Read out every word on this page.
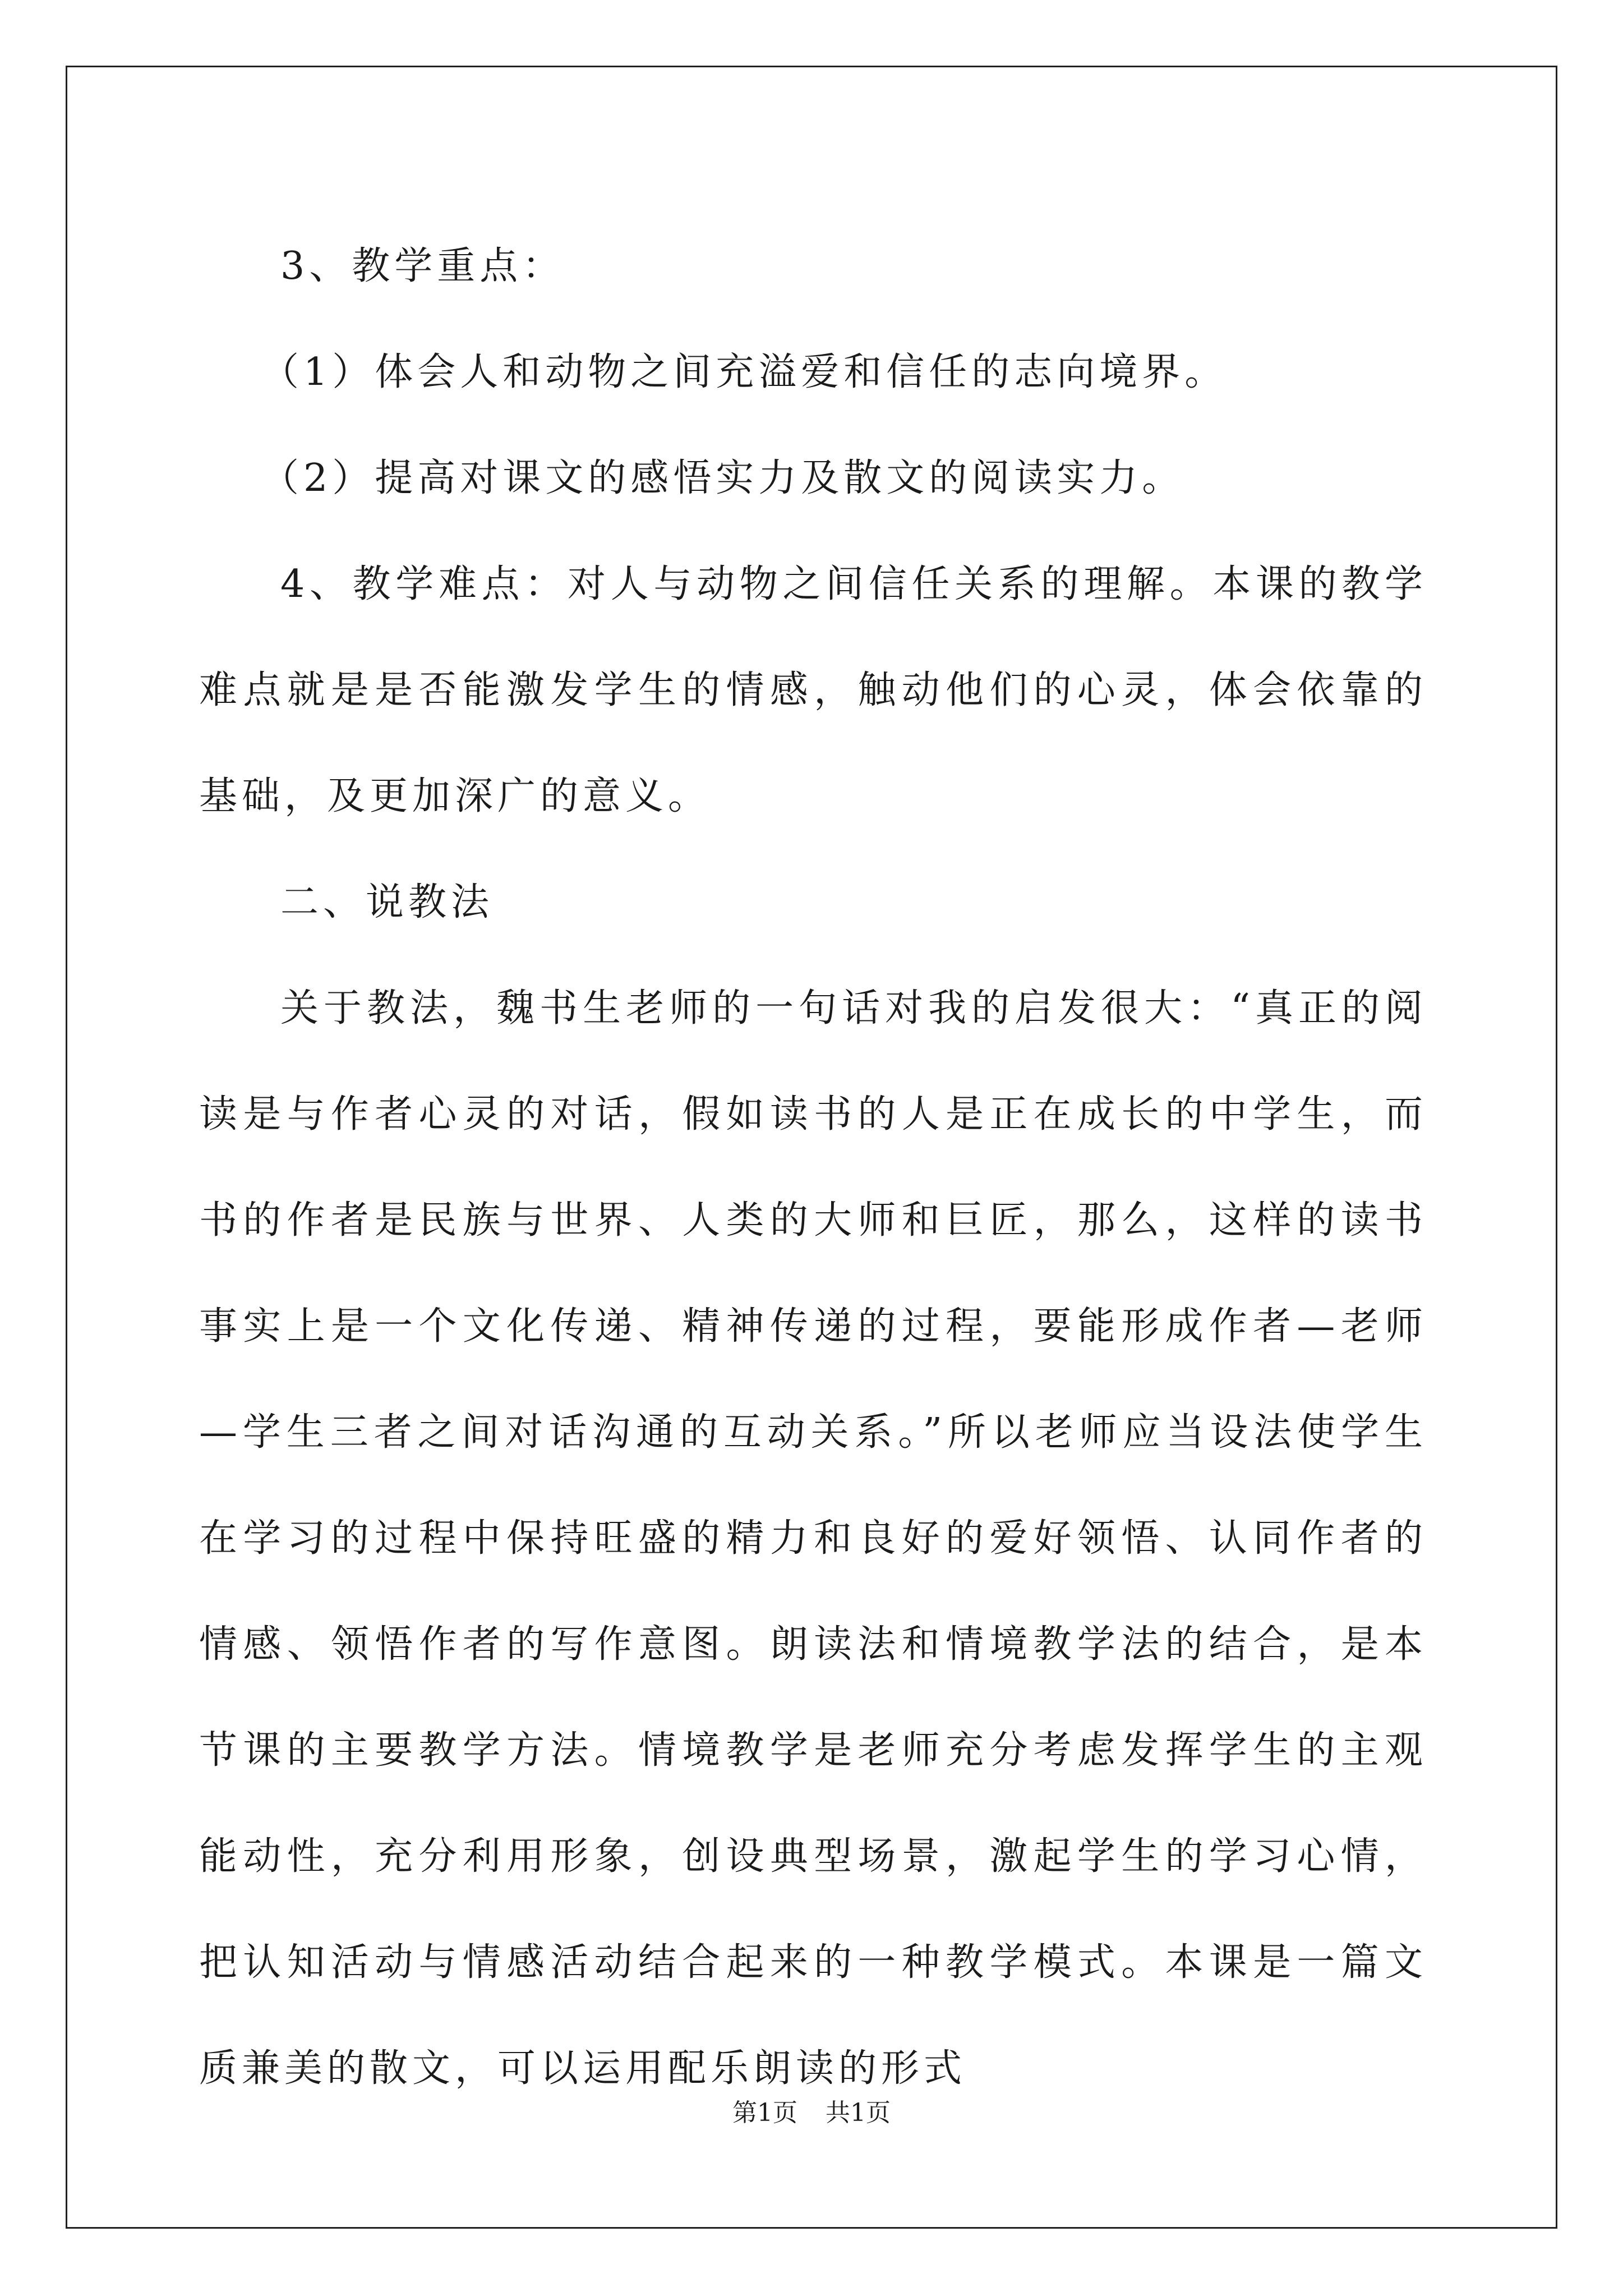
3、教学重点：

（1）体会人和动物之间充溢爱和信任的志向境界。

（2）提高对课文的感悟实力及散文的阅读实力。

4、教学难点：对人与动物之间信任关系的理解。本课的教学难点就是是否能激发学生的情感，触动他们的心灵，体会依靠的基础，及更加深广的意义。

二、说教法

关于教法，魏书生老师的一句话对我的启发很大：“真正的阅读是与作者心灵的对话，假如读书的人是正在成长的中学生，而书的作者是民族与世界、人类的大师和巨匠，那么，这样的读书事实上是一个文化传递、精神传递的过程，要能形成作者—老师—学生三者之间对话沟通的互动关系。”所以老师应当设法使学生在学习的过程中保持旺盛的精力和良好的爱好领悟、认同作者的情感、领悟作者的写作意图。朗读法和情境教学法的结合，是本节课的主要教学方法。情境教学是老师充分考虑发挥学生的主观能动性，充分利用形象，创设典型场景，激起学生的学习心情，把认知活动与情感活动结合起来的一种教学模式。本课是一篇文质兼美的散文，可以运用配乐朗读的形式

第1页 共1页
